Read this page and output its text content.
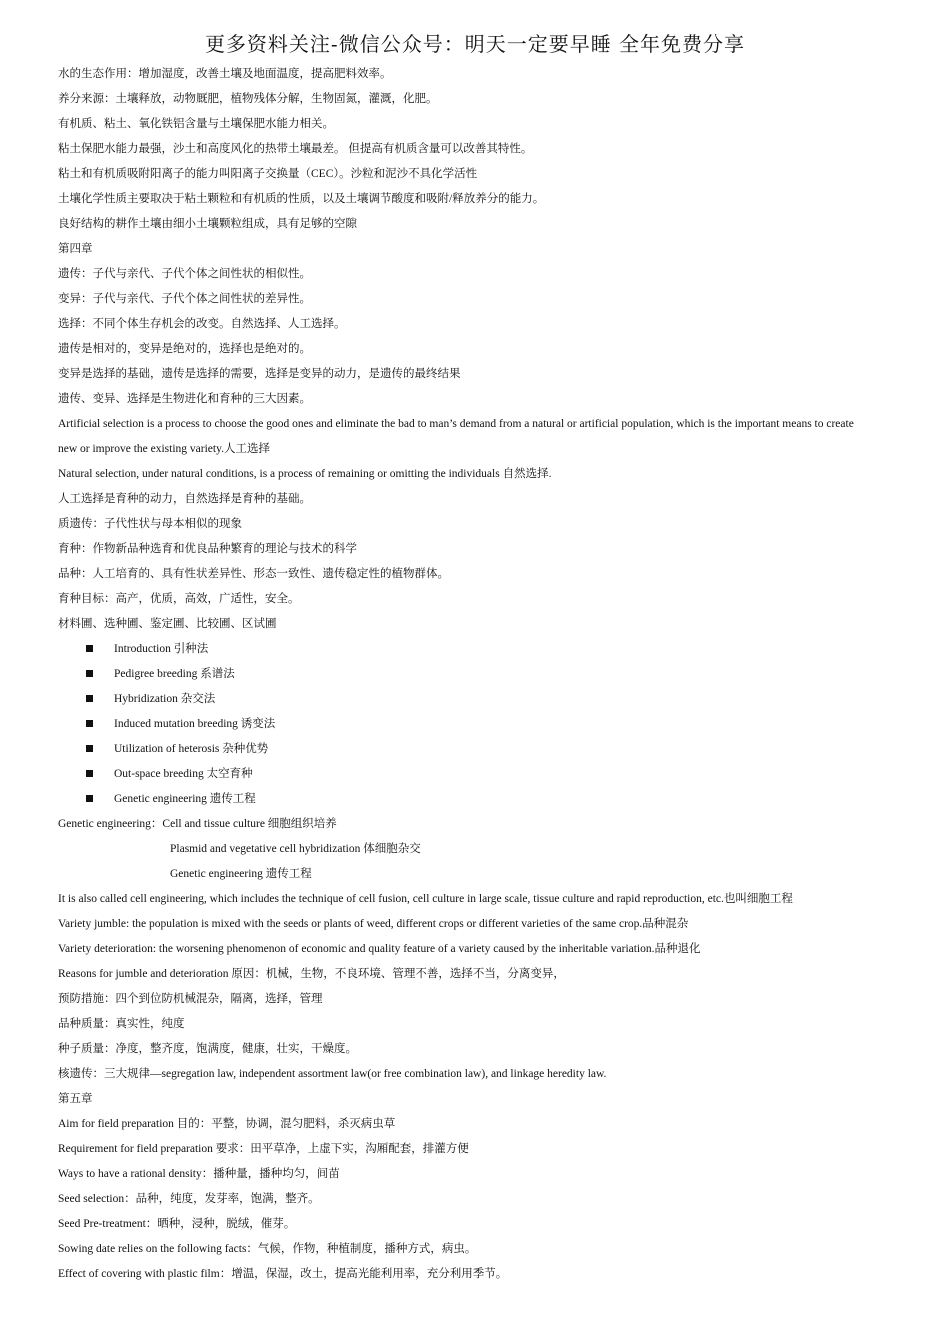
更多资料关注-微信公众号：明天一定要早睡 全年免费分享
水的生态作用：增加湿度，改善土壤及地面温度，提高肥料效率。
养分来源：土壤释放，动物厩肥，植物残体分解，生物固氮，灌溉，化肥。
有机质、粘土、氧化铁铝含量与土壤保肥水能力相关。
粘土保肥水能力最强，沙土和高度风化的热带土壤最差。 但提高有机质含量可以改善其特性。
粘土和有机质吸附阳离子的能力叫阳离子交换量（CEC）。沙粒和泥沙不具化学活性
土壤化学性质主要取决于粘土颗粒和有机质的性质，以及土壤调节酸度和吸附/释放养分的能力。
良好结构的耕作土壤由细小土壤颗粒组成，具有足够的空隙
第四章
遗传：子代与亲代、子代个体之间性状的相似性。
变异：子代与亲代、子代个体之间性状的差异性。
选择：不同个体生存机会的改变。自然选择、人工选择。
遗传是相对的，变异是绝对的，选择也是绝对的。
变异是选择的基础，遗传是选择的需要，选择是变异的动力，是遗传的最终结果
遗传、变异、选择是生物进化和育种的三大因素。
Artificial selection is a process to choose the good ones and eliminate the bad to man’s demand from a natural or artificial population, which is the important means to create
new or improve the existing variety.人工选择
Natural selection, under natural conditions, is a process of remaining or omitting the individuals 自然选择.
人工选择是育种的动力，自然选择是育种的基础。
质遗传：子代性状与母本相似的现象
育种：作物新品种选育和优良品种繁育的理论与技术的科学
品种：人工培育的、具有性状差异性、形态一致性、遗传稳定性的植物群体。
育种目标：高产，优质，高效，广适性，安全。
材料圃、选种圃、鉴定圃、比较圃、区试圃
Introduction 引种法
Pedigree breeding 系谱法
Hybridization 杂交法
Induced mutation breeding 诱变法
Utilization of heterosis 杂种优势
Out-space breeding 太空育种
Genetic engineering 遗传工程
Genetic engineering：Cell and tissue culture 细胞组织培养
Plasmid and vegetative cell hybridization 体细胞杂交
Genetic engineering 遗传工程
It is also called cell engineering, which includes the technique of cell fusion, cell culture in large scale, tissue culture and rapid reproduction, etc.也叫细胞工程
Variety jumble: the population is mixed with the seeds or plants of weed, different crops or different varieties of the same crop.品种混杂
Variety deterioration: the worsening phenomenon of economic and quality feature of a variety caused by the inheritable variation.品种退化
Reasons for jumble and deterioration 原因：机械，生物，不良环境、管理不善，选择不当，分离变异，
预防措施：四个到位防机械混杂，隔离，选择，管理
品种质量：真实性，纯度
种子质量：净度，整齐度，饱满度，健康，壮实，干燥度。
核遗传：三大规律—segregation law, independent assortment law(or free combination law), and linkage heredity law.
第五章
Aim for field preparation 目的：平整，协调，混匀肥料，杀灭病虫草
Requirement for field preparation 要求：田平草净，上虚下实，沟厢配套，排灌方便
Ways to have a rational density：播种量，播种均匀，间苗
Seed selection：品种，纯度，发芽率，饱满，整齐。
Seed Pre-treatment：晒种，浸种，脱绒，催芽。
Sowing date relies on the following facts：气候，作物，种植制度，播种方式，病虫。
Effect of covering with plastic film：增温，保湿，改土，提高光能利用率，充分利用季节。
